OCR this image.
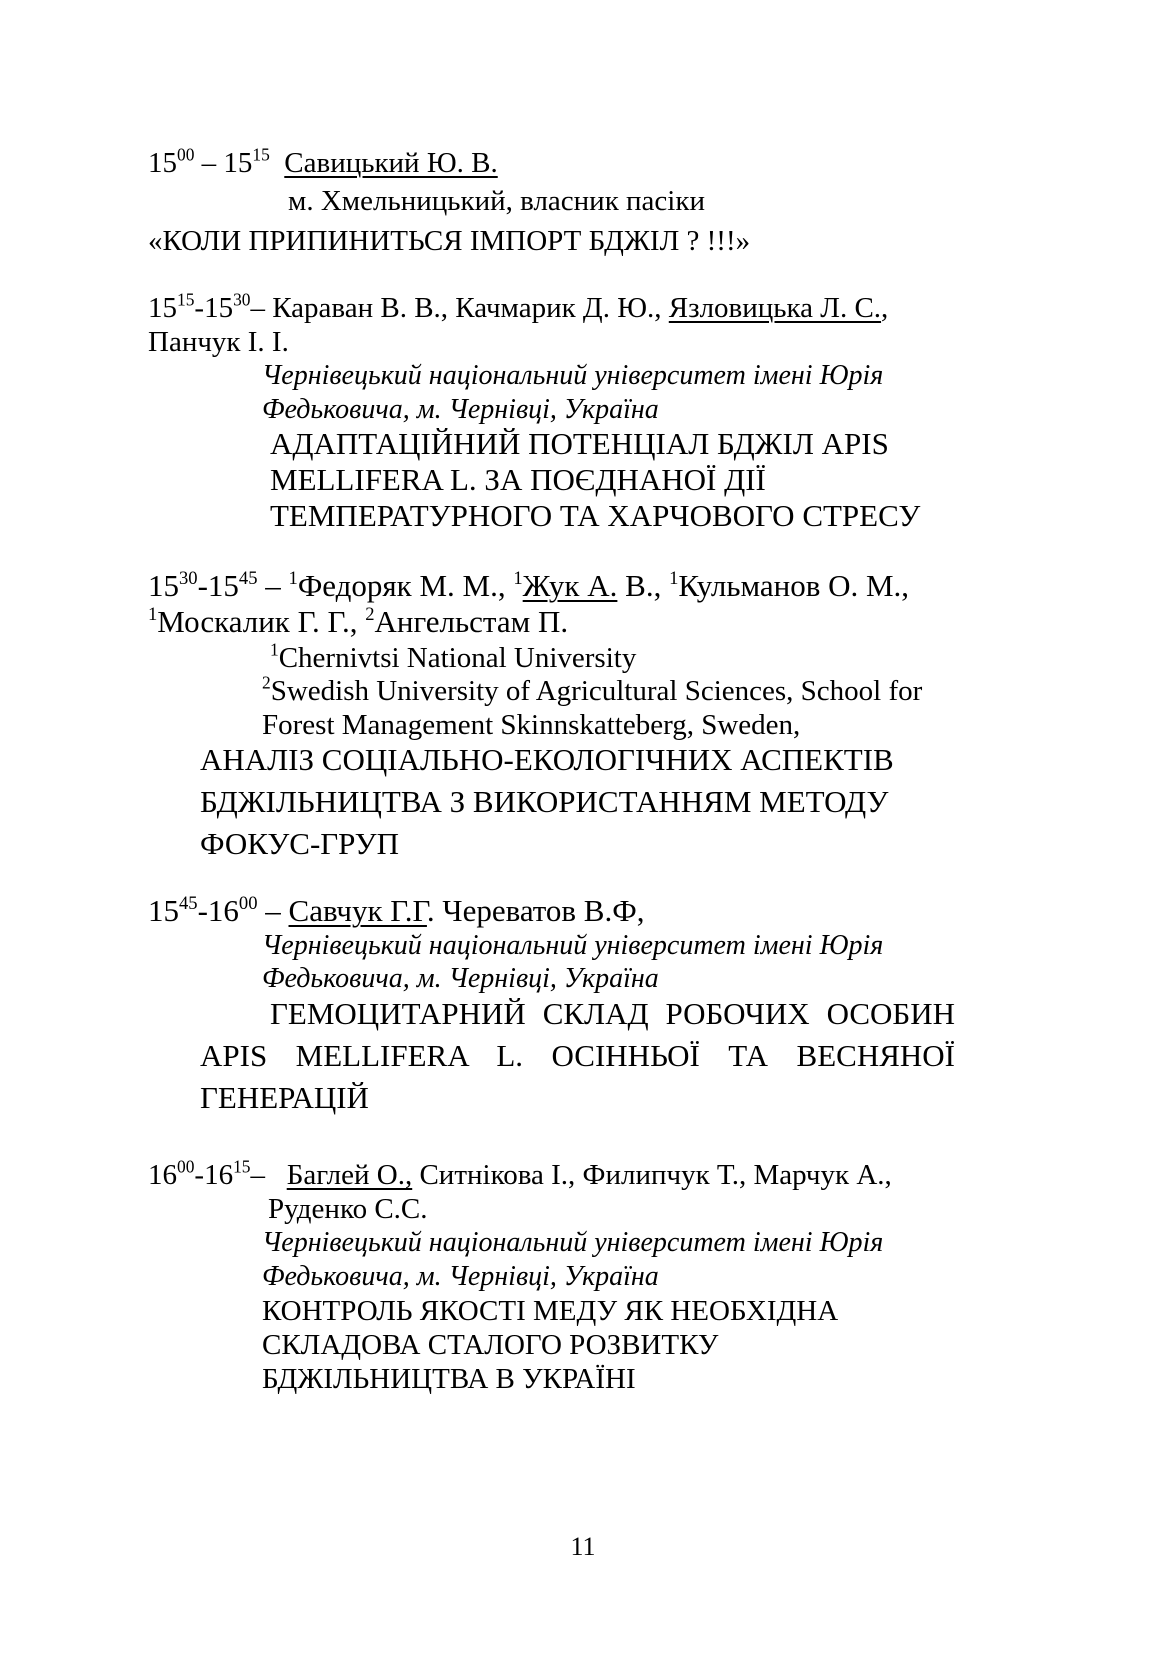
$15^{00} - 15^{15}$ Савицький Ю. В.
м. Хмельницький, власник пасіки
«КОЛИ ПРИПИНИТЬСЯ ІМПОРТ БДЖІЛ ? !!!»
$15^{15}-15^{30}-$ Караван В. В., Качмарик Д. Ю., Язловицька Л. С.,
Панчук І. І.
Чернівецький національний університет імені Юрія
Федьковича, м. Чернівці, Україна
АДАПТАЦІЙНИЙ ПОТЕНЦІАЛ БДЖІЛ APIS
MELLIFERA L. ЗА ПОЄДНАНОЇ ДІЇ
ТЕМПЕРАТУРНОГО ТА ХАРЧОВОГО СТРЕСУ
$15^{30}-15^{45}$ – $^1$Федоряк М. М., $^1$Жук А. В., $^1$Кульманов О. М.,
$^1$Москалик Г. Г., $^2$Ангельстам П.
$^1$Chernivtsi National University
$^2$Swedish University of Agricultural Sciences, School for
Forest Management Skinnskatteberg, Sweden,
АНАЛІЗ СОЦІАЛЬНО-ЕКОЛОГІЧНИХ АСПЕКТІВ
БДЖІЛЬНИЦТВА З ВИКОРИСТАННЯМ МЕТОДУ
ФОКУС-ГРУП
$15^{45}-16^{00}$ – Савчук Г.Г. Череватов В.Ф,
Чернівецький національний університет імені Юрія
Федьковича, м. Чернівці, Україна
ГЕМОЦИТАРНИЙ СКЛАД РОБОЧИХ ОСОБИН
APIS MELLIFERA L. ОСІННЬОЇ ТА ВЕСНЯНОЇ
ГЕНЕРАЦІЙ
$16^{00}-16^{15}-$   Баглей О., Ситнікова І., Филипчук Т., Марчук А.,
Руденко С.С.
Чернівецький національний університет імені Юрія
Федьковича, м. Чернівці, Україна
КОНТРОЛЬ ЯКОСТІ МЕДУ ЯК НЕОБХІДНА
СКЛАДОВА СТАЛОГО РОЗВИТКУ
БДЖІЛЬНИЦТВА В УКРАЇНІ
11
